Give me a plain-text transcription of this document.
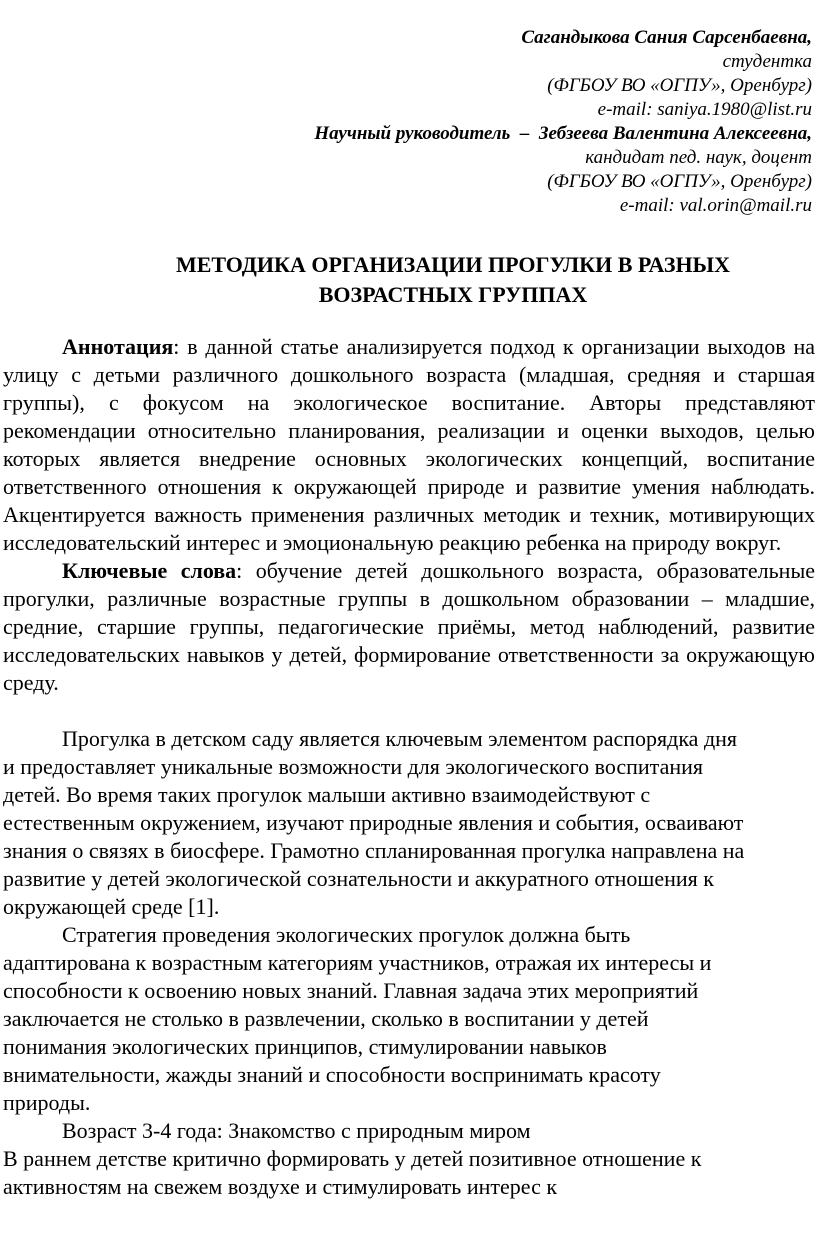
Сагандыкова Сания Сарсенбаевна,
студентка
(ФГБОУ ВО «ОГПУ», Оренбург)
e-mail: saniya.1980@list.ru
Научный руководитель  –  Зебзеева Валентина Алексеевна,
кандидат пед. наук, доцент
(ФГБОУ ВО «ОГПУ», Оренбург)
e-mail: val.orin@mail.ru
МЕТОДИКА ОРГАНИЗАЦИИ ПРОГУЛКИ В РАЗНЫХ
ВОЗРАСТНЫХ ГРУППАХ

Аннотация: в данной статье анализируется подход к организации выходов на улицу с детьми различного дошкольного возраста (младшая, средняя и старшая группы), с фокусом на экологическое воспитание. Авторы представляют рекомендации относительно планирования, реализации и оценки выходов, целью которых является внедрение основных экологических концепций, воспитание ответственного отношения к окружающей природе и развитие умения наблюдать. Акцентируется важность применения различных методик и техник, мотивирующих исследовательский интерес и эмоциональную реакцию ребенка на природу вокруг.

Ключевые слова: обучение детей дошкольного возраста, образовательные прогулки, различные возрастные группы в дошкольном образовании – младшие, средние, старшие группы, педагогические приёмы, метод наблюдений, развитие исследовательских навыков у детей, формирование ответственности за окружающую среду.

Прогулка в детском саду является ключевым элементом распорядка дня
и предоставляет уникальные возможности для экологического воспитания
детей. Во время таких прогулок малыши активно взаимодействуют с
естественным окружением, изучают природные явления и события, осваивают
знания о связях в биосфере. Грамотно спланированная прогулка направлена на
развитие у детей экологической сознательности и аккуратного отношения к
окружающей среде [1].
Стратегия проведения экологических прогулок должна быть
адаптирована к возрастным категориям участников, отражая их интересы и
способности к освоению новых знаний. Главная задача этих мероприятий
заключается не столько в развлечении, сколько в воспитании у детей
понимания экологических принципов, стимулировании навыков
внимательности, жажды знаний и способности воспринимать красоту
природы.
Возраст 3-4 года: Знакомство с природным миром
В раннем детстве критично формировать у детей позитивное отношение к
активностям на свежем воздухе и стимулировать интерес к
